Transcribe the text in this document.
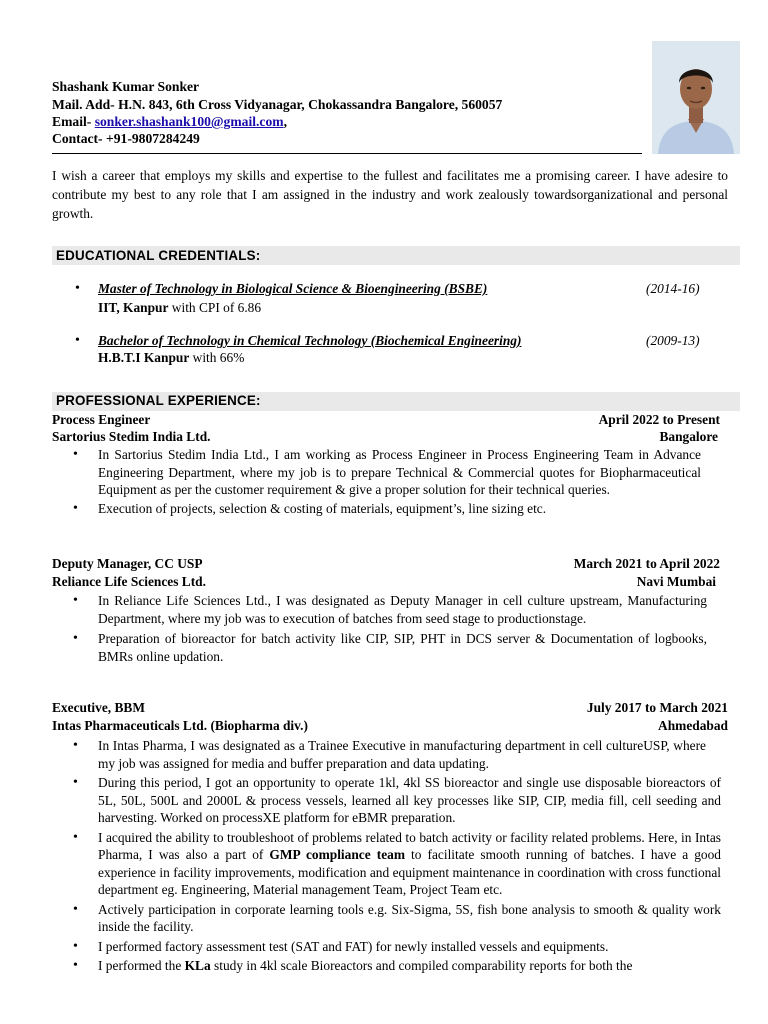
Shashank Kumar Sonker
Mail. Add- H.N. 843, 6th Cross Vidyanagar, Chokassandra Bangalore, 560057
Email- sonker.shashank100@gmail.com,
Contact- +91-9807284249
I wish a career that employs my skills and expertise to the fullest and facilitates me a promising career. I have adesire to contribute my best to any role that I am assigned in the industry and work zealously towardsorganizational and personal growth.
EDUCATIONAL CREDENTIALS:
• Master of Technology in Biological Science & Bioengineering (BSBE)	(2014-16)
IIT, Kanpur with CPI of 6.86
• Bachelor of Technology in Chemical Technology (Biochemical Engineering)	(2009-13)
H.B.T.I Kanpur with 66%
PROFESSIONAL EXPERIENCE:
Process Engineer	April 2022 to Present
Sartorius Stedim India Ltd.	Bangalore
• In Sartorius Stedim India Ltd., I am working as Process Engineer in Process Engineering Team in Advance Engineering Department, where my job is to prepare Technical & Commercial quotes for Biopharmaceutical Equipment as per the customer requirement & give a proper solution for their technical queries.
• Execution of projects, selection & costing of materials, equipment’s, line sizing etc.
Deputy Manager, CC USP	March 2021 to April 2022
Reliance Life Sciences Ltd.	Navi Mumbai
• In Reliance Life Sciences Ltd., I was designated as Deputy Manager in cell culture upstream, Manufacturing Department, where my job was to execution of batches from seed stage to productionstage.
• Preparation of bioreactor for batch activity like CIP, SIP, PHT in DCS server & Documentation of logbooks, BMRs online updation.
Executive, BBM	July 2017 to March 2021
Intas Pharmaceuticals Ltd. (Biopharma div.)	Ahmedabad
• In Intas Pharma, I was designated as a Trainee Executive in manufacturing department in cell cultureUSP, where my job was assigned for media and buffer preparation and data updating.
• During this period, I got an opportunity to operate 1kl, 4kl SS bioreactor and single use disposable bioreactors of 5L, 50L, 500L and 2000L & process vessels, learned all key processes like SIP, CIP, media fill, cell seeding and harvesting. Worked on processXE platform for eBMR preparation.
• I acquired the ability to troubleshoot of problems related to batch activity or facility related problems. Here, in Intas Pharma, I was also a part of GMP compliance team to facilitate smooth running of batches. I have a good experience in facility improvements, modification and equipment maintenance in coordination with cross functional department eg. Engineering, Material management Team, Project Team etc.
• Actively participation in corporate learning tools e.g. Six-Sigma, 5S, fish bone analysis to smooth & quality work inside the facility.
• I performed factory assessment test (SAT and FAT) for newly installed vessels and equipments.
• I performed the KLa study in 4kl scale Bioreactors and compiled comparability reports for both the
